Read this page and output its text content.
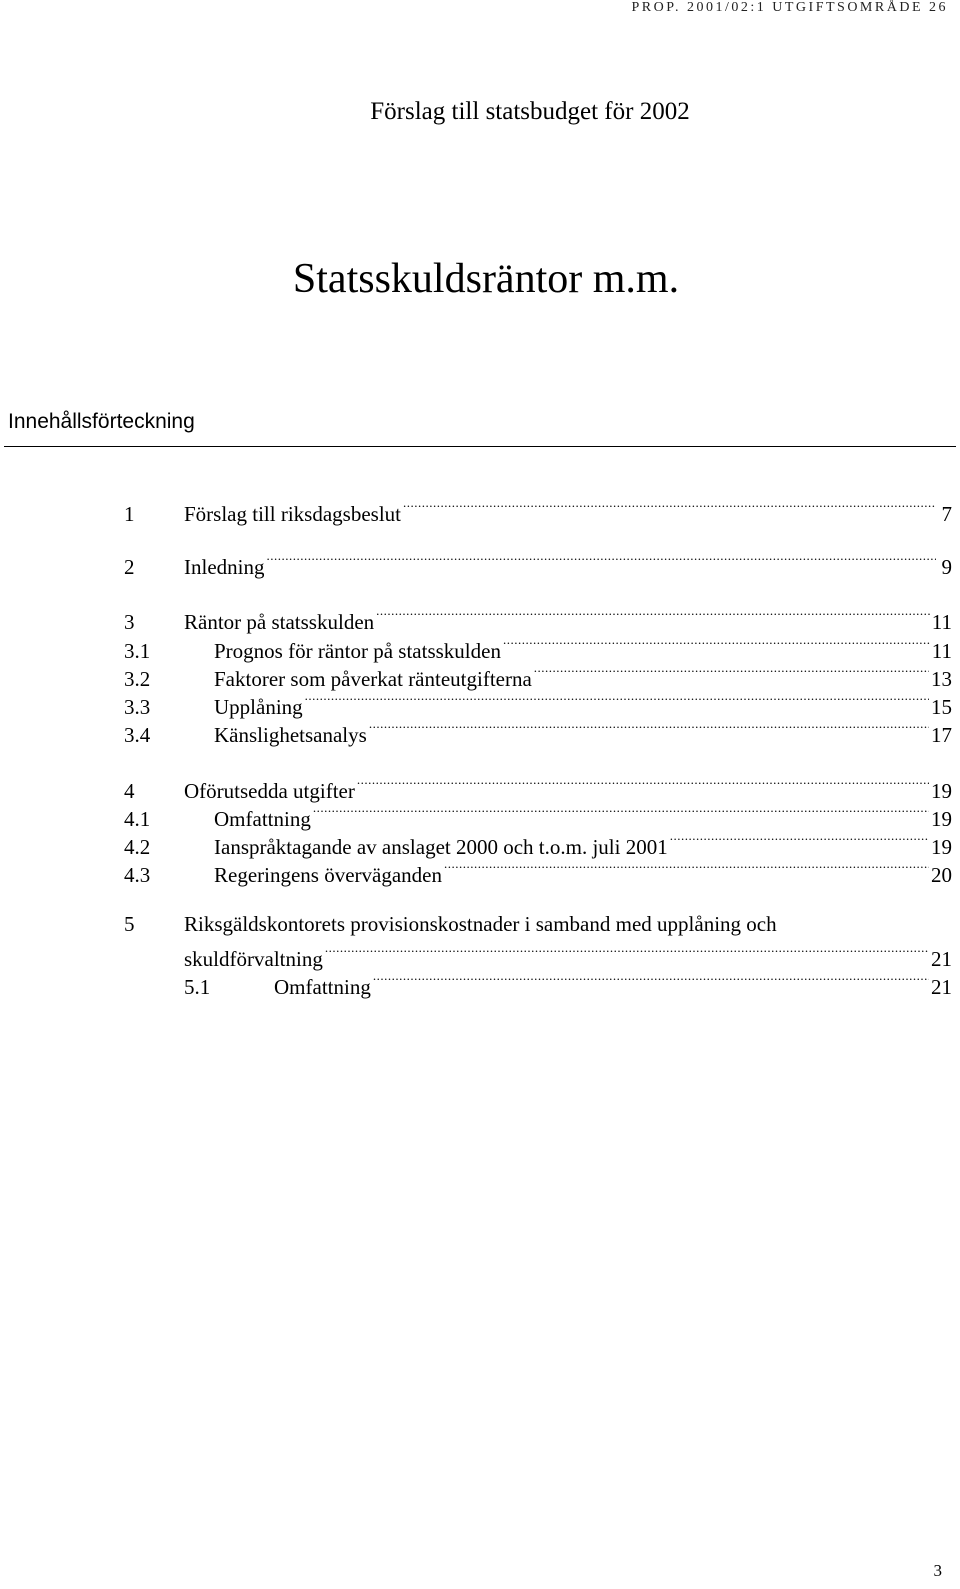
PROP. 2001/02:1 UTGIFTSOMRÅDE 26
Förslag till statsbudget för 2002
Statsskuldsräntor m.m.
Innehållsförteckning
1	Förslag till riksdagsbeslut .....	7
2	Inledning .....	9
3	Räntor på statsskulden .....	11
3.1	Prognos för räntor på statsskulden .....	11
3.2	Faktorer som påverkat ränteutgifterna .....	13
3.3	Upplåning .....	15
3.4	Känslighetsanalys .....	17
4	Oförutsedda utgifter .....	19
4.1	Omfattning .....	19
4.2	Ianspråktagande av anslaget 2000 och t.o.m. juli 2001 .....	19
4.3	Regeringens överväganden .....	20
5	Riksgäldskontorets provisionskostnader i samband med upplåning och
skuldförvaltning .....	21
5.1	Omfattning .....	21
3
